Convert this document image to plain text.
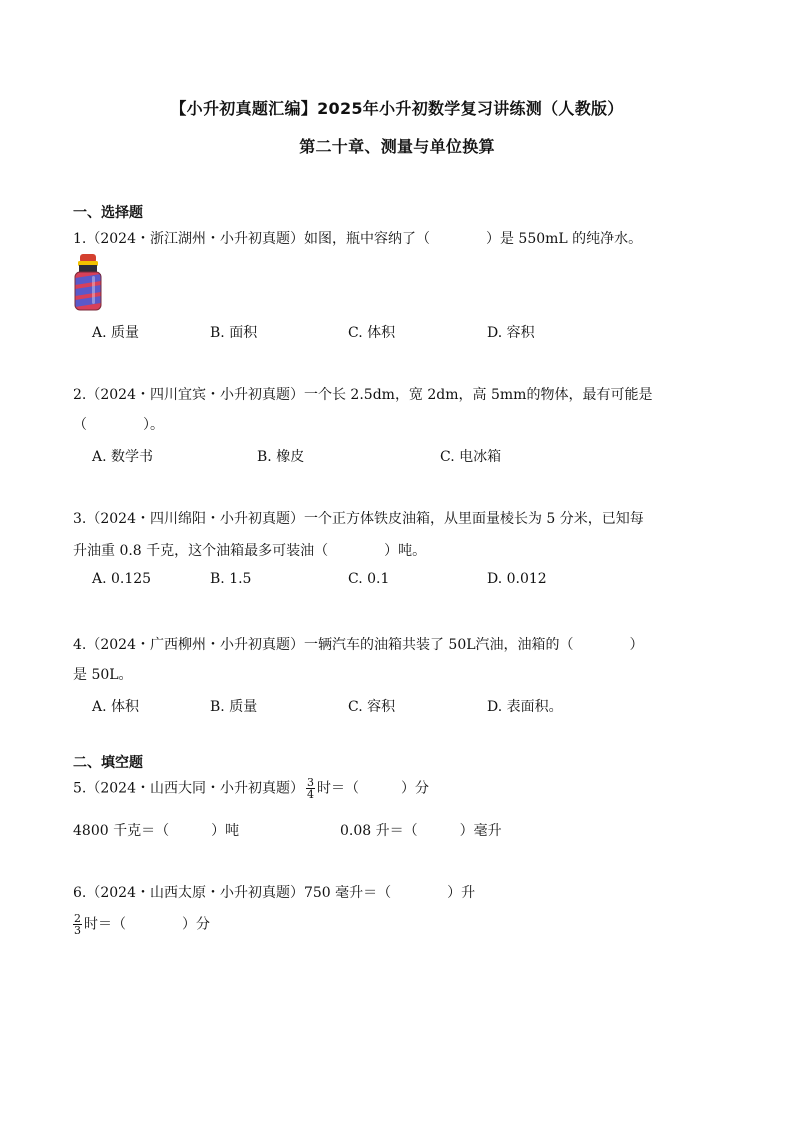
【小升初真题汇编】2025年小升初数学复习讲练测（人教版）
第二十章、测量与单位换算
一、选择题
1.（2024・浙江湖州・小升初真题）如图，瓶中容纳了（　　　　）是 550mL 的纯净水。
A. 质量	B. 面积	C. 体积	D. 容积
2.（2024・四川宜宾・小升初真题）一个长 2.5dm，宽 2dm，高 5mm的物体，最有可能是
（　　　　）。
A. 数学书	B. 橡皮	C. 电冰箱
3.（2024・四川绵阳・小升初真题）一个正方体铁皮油箱，从里面量棱长为 5 分米，已知每
升油重 0.8 千克，这个油箱最多可装油（　　　　）吨。
A. 0.125	B. 1.5	C. 0.1	D. 0.012
4.（2024・广西柳州・小升初真题）一辆汽车的油箱共装了 50L汽油，油箱的（　　　　）
是 50L。
A. 体积	B. 质量	C. 容积	D. 表面积。
二、填空题
5.（2024・山西大同・小升初真题） $\frac{3}{4}$ 时＝（　　　）分
4800 千克＝（　　　）吨	0.08 升＝（　　　）毫升
6.（2024・山西太原・小升初真题）750 毫升＝（　　　　）升
$\frac{2}{3}$ 时＝（　　　　）分
